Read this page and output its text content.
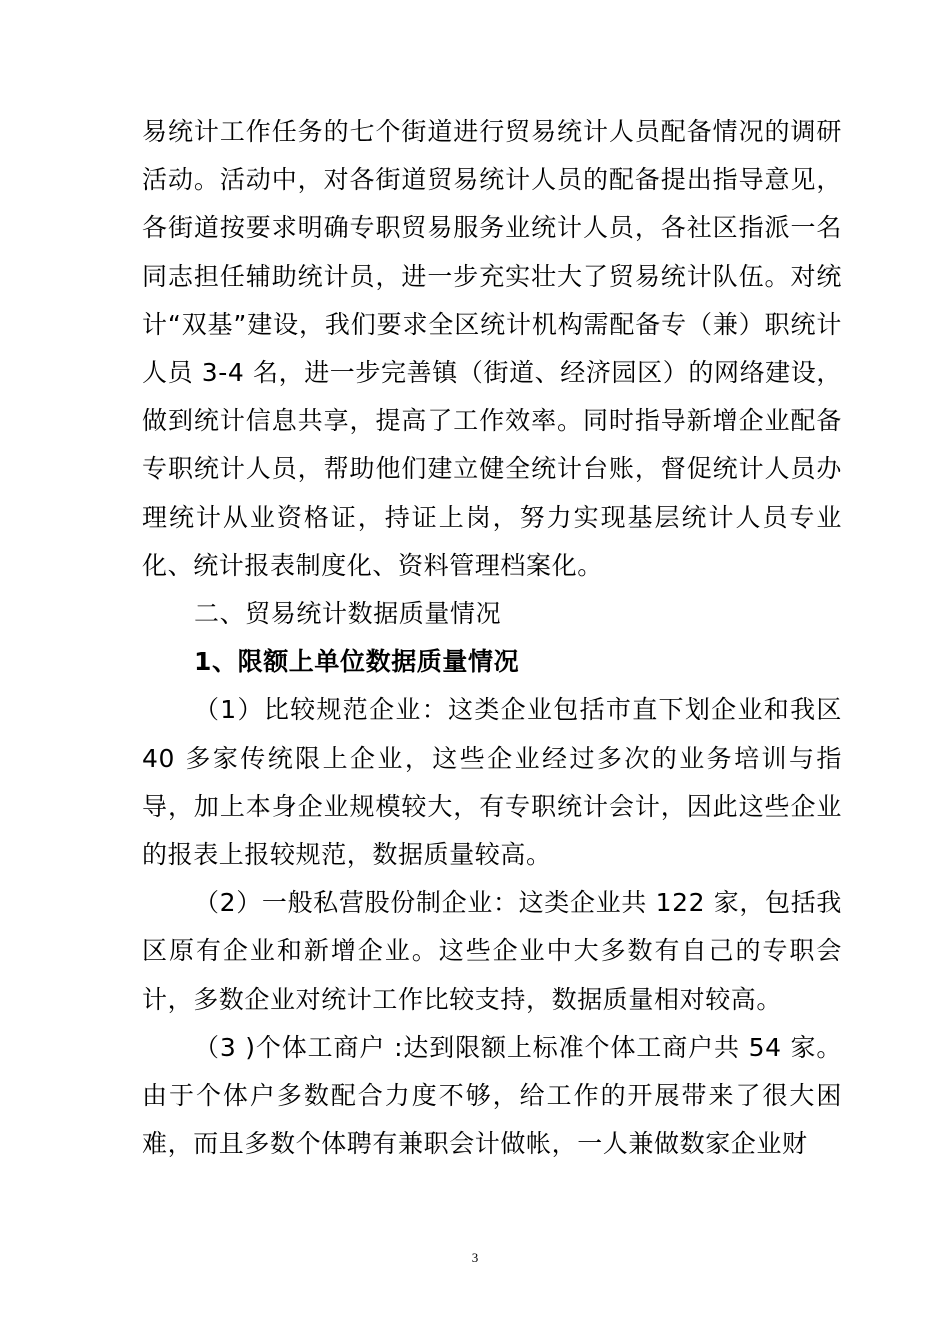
易统计工作任务的七个街道进行贸易统计人员配备情况的调研活动。活动中，对各街道贸易统计人员的配备提出指导意见，各街道按要求明确专职贸易服务业统计人员，各社区指派一名同志担任辅助统计员，进一步充实壮大了贸易统计队伍。对统计“双基”建设，我们要求全区统计机构需配备专（兼）职统计人员 3-4 名，进一步完善镇（街道、经济园区）的网络建设，做到统计信息共享，提高了工作效率。同时指导新增企业配备专职统计人员，帮助他们建立健全统计台账，督促统计人员办理统计从业资格证，持证上岗，努力实现基层统计人员专业化、统计报表制度化、资料管理档案化。

二、贸易统计数据质量情况

1、限额上单位数据质量情况

（1）比较规范企业：这类企业包括市直下划企业和我区 40 多家传统限上企业，这些企业经过多次的业务培训与指导，加上本身企业规模较大，有专职统计会计，因此这些企业的报表上报较规范，数据质量较高。

（2）一般私营股份制企业：这类企业共 122 家，包括我区原有企业和新增企业。这些企业中大多数有自己的专职会计，多数企业对统计工作比较支持，数据质量相对较高。

（3 )个体工商户 :达到限额上标准个体工商户共 54 家。由于个体户多数配合力度不够，给工作的开展带来了很大困难，而且多数个体聘有兼职会计做帐，一人兼做数家企业财

3
